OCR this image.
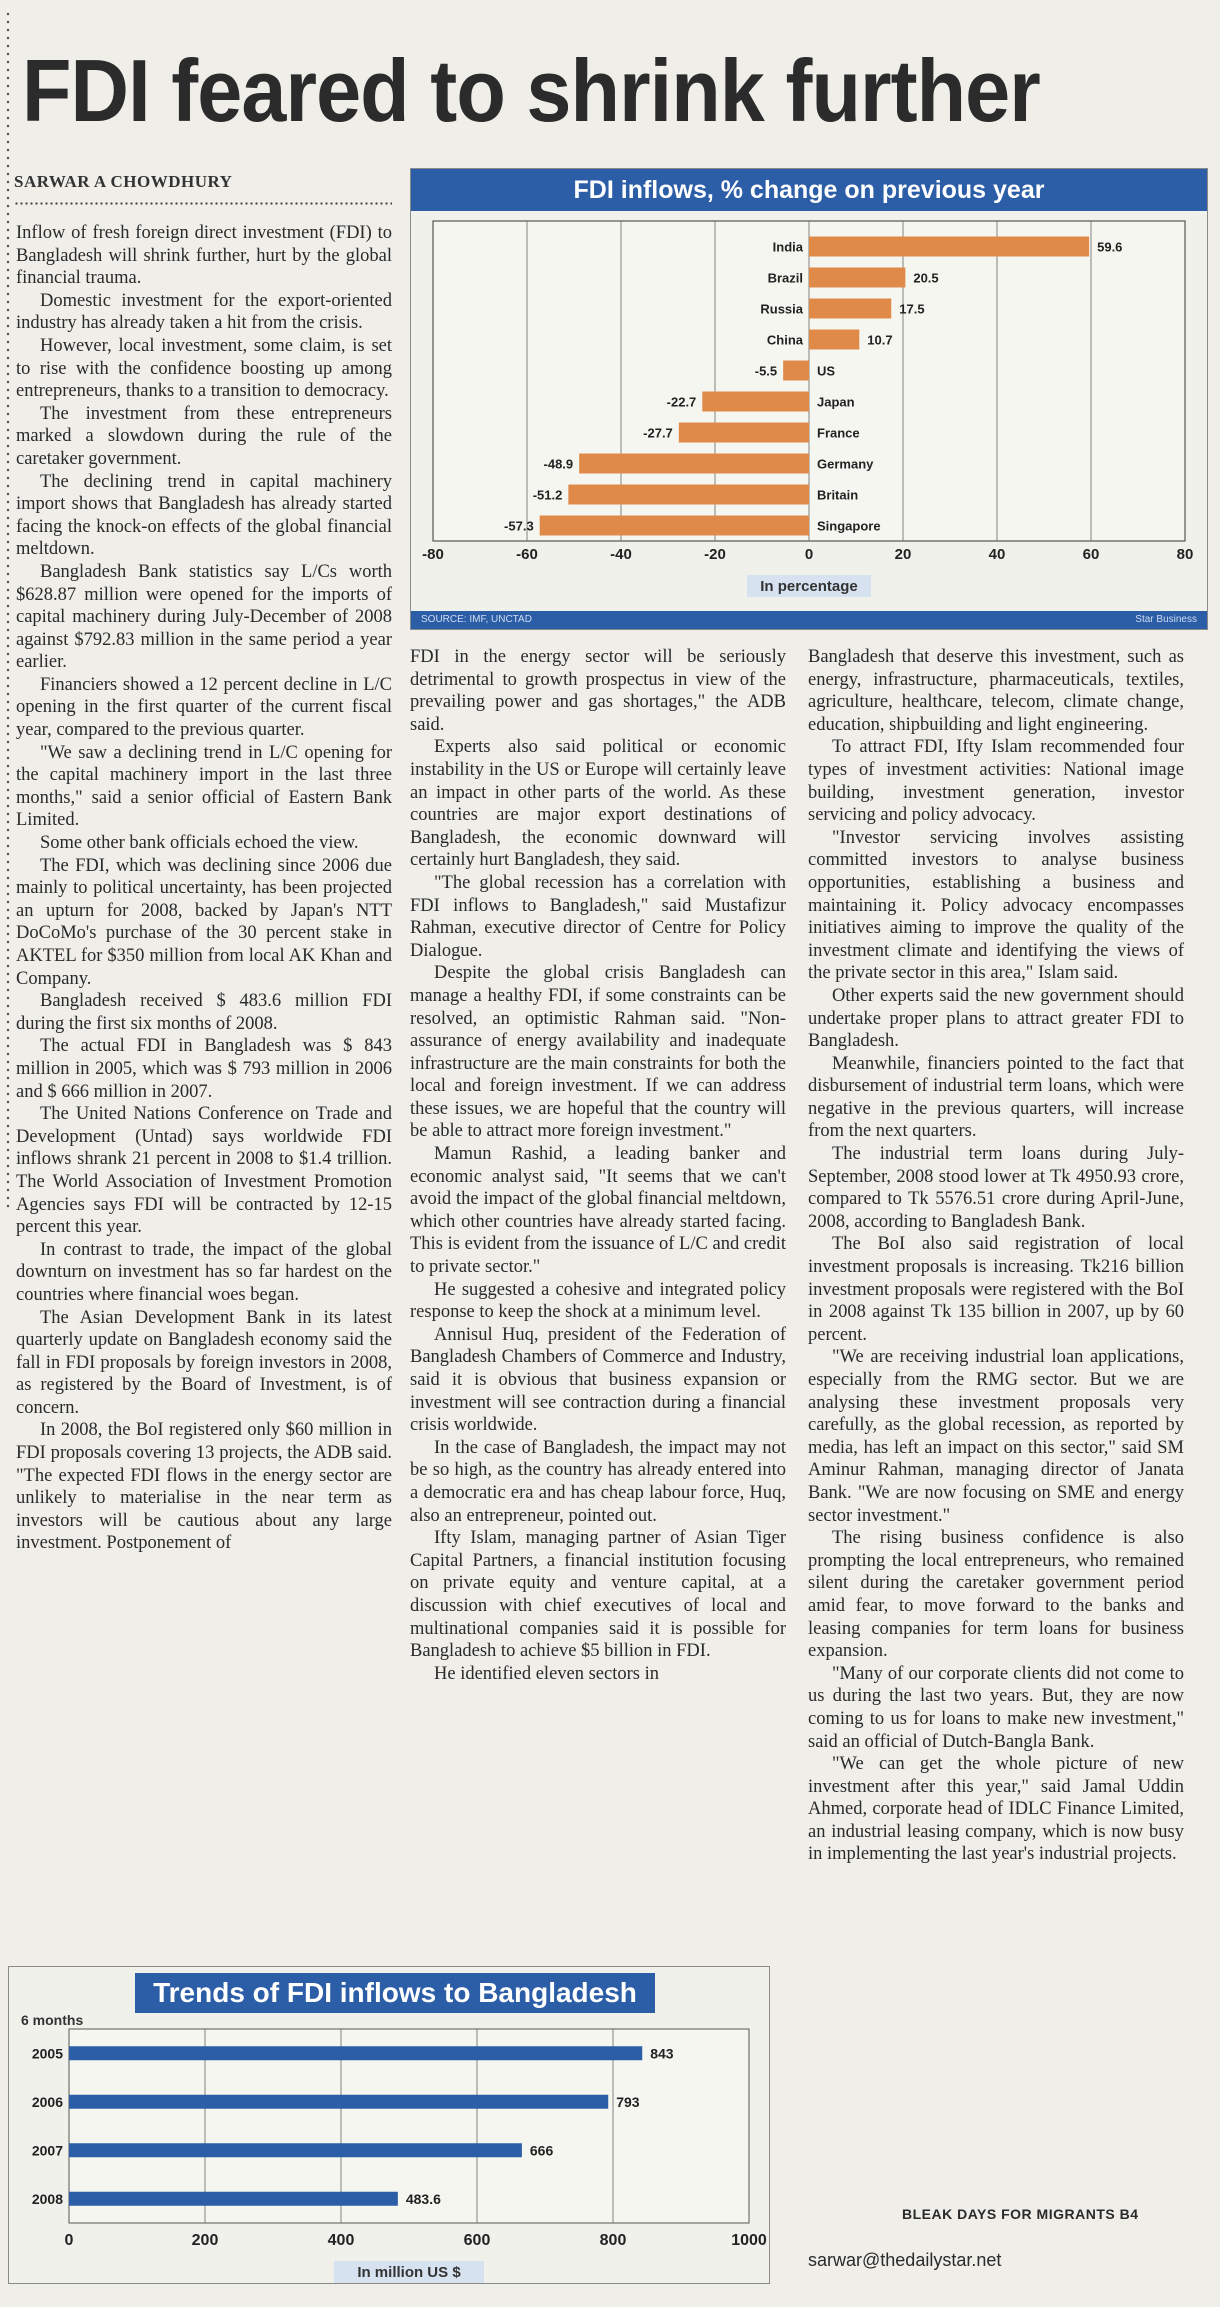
FDI feared to shrink further
SARWAR A CHOWDHURY

Inflow of fresh foreign direct investment (FDI) to Bangladesh will shrink further, hurt by the global financial trauma.

Domestic investment for the export-oriented industry has already taken a hit from the crisis.

However, local investment, some claim, is set to rise with the confidence boosting up among entrepreneurs, thanks to a transition to democracy.

The investment from these entrepreneurs marked a slowdown during the rule of the caretaker government.

The declining trend in capital machinery import shows that Bangladesh has already started facing the knock-on effects of the global financial meltdown.

Bangladesh Bank statistics say L/Cs worth $628.87 million were opened for the imports of capital machinery during July-December of 2008 against $792.83 million in the same period a year earlier.

Financiers showed a 12 percent decline in L/C opening in the first quarter of the current fiscal year, compared to the previous quarter.

"We saw a declining trend in L/C opening for the capital machinery import in the last three months," said a senior official of Eastern Bank Limited.

Some other bank officials echoed the view.

The FDI, which was declining since 2006 due mainly to political uncertainty, has been projected an upturn for 2008, backed by Japan's NTT DoCoMo's purchase of the 30 percent stake in AKTEL for $350 million from local AK Khan and Company.

Bangladesh received $ 483.6 million FDI during the first six months of 2008.

The actual FDI in Bangladesh was $ 843 million in 2005, which was $ 793 million in 2006 and $ 666 million in 2007.

The United Nations Conference on Trade and Development (Untad) says worldwide FDI inflows shrank 21 percent in 2008 to $1.4 trillion. The World Association of Investment Promotion Agencies says FDI will be contracted by 12-15 percent this year.

In contrast to trade, the impact of the global downturn on investment has so far hardest on the countries where financial woes began.

The Asian Development Bank in its latest quarterly update on Bangladesh economy said the fall in FDI proposals by foreign investors in 2008, as registered by the Board of Investment, is of concern.

In 2008, the BoI registered only $60 million in FDI proposals covering 13 projects, the ADB said. "The expected FDI flows in the energy sector are unlikely to materialise in the near term as investors will be cautious about any large investment. Postponement of

FDI in the energy sector will be seriously detrimental to growth prospectus in view of the prevailing power and gas shortages," the ADB said.

Experts also said political or economic instability in the US or Europe will certainly leave an impact in other parts of the world. As these countries are major export destinations of Bangladesh, the economic downward will certainly hurt Bangladesh, they said.

"The global recession has a correlation with FDI inflows to Bangladesh," said Mustafizur Rahman, executive director of Centre for Policy Dialogue.

Despite the global crisis Bangladesh can manage a healthy FDI, if some constraints can be resolved, an optimistic Rahman said. "Non-assurance of energy availability and inadequate infrastructure are the main constraints for both the local and foreign investment. If we can address these issues, we are hopeful that the country will be able to attract more foreign investment."

Mamun Rashid, a leading banker and economic analyst said, "It seems that we can't avoid the impact of the global financial meltdown, which other countries have already started facing. This is evident from the issuance of L/C and credit to private sector."

He suggested a cohesive and integrated policy response to keep the shock at a minimum level.

Annisul Huq, president of the Federation of Bangladesh Chambers of Commerce and Industry, said it is obvious that business expansion or investment will see contraction during a financial crisis worldwide.

In the case of Bangladesh, the impact may not be so high, as the country has already entered into a democratic era and has cheap labour force, Huq, also an entrepreneur, pointed out.

Ifty Islam, managing partner of Asian Tiger Capital Partners, a financial institution focusing on private equity and venture capital, at a discussion with chief executives of local and multinational companies said it is possible for Bangladesh to achieve $5 billion in FDI.

He identified eleven sectors in

Bangladesh that deserve this investment, such as energy, infrastructure, pharmaceuticals, textiles, agriculture, healthcare, telecom, climate change, education, shipbuilding and light engineering.

To attract FDI, Ifty Islam recommended four types of investment activities: National image building, investment generation, investor servicing and policy advocacy.

"Investor servicing involves assisting committed investors to analyse business opportunities, establishing a business and maintaining it. Policy advocacy encompasses initiatives aiming to improve the quality of the investment climate and identifying the views of the private sector in this area," Islam said.

Other experts said the new government should undertake proper plans to attract greater FDI to Bangladesh.

Meanwhile, financiers pointed to the fact that disbursement of industrial term loans, which were negative in the previous quarters, will increase from the next quarters.

The industrial term loans during July-September, 2008 stood lower at Tk 4950.93 crore, compared to Tk 5576.51 crore during April-June, 2008, according to Bangladesh Bank.

The BoI also said registration of local investment proposals is increasing. Tk216 billion investment proposals were registered with the BoI in 2008 against Tk 135 billion in 2007, up by 60 percent.

"We are receiving industrial loan applications, especially from the RMG sector. But we are analysing these investment proposals very carefully, as the global recession, as reported by media, has left an impact on this sector," said SM Aminur Rahman, managing director of Janata Bank. "We are now focusing on SME and energy sector investment."

The rising business confidence is also prompting the local entrepreneurs, who remained silent during the caretaker government period amid fear, to move forward to the banks and leasing companies for term loans for business expansion.

"Many of our corporate clients did not come to us during the last two years. But, they are now coming to us for loans to make new investment," said an official of Dutch-Bangla Bank.

"We can get the whole picture of new investment after this year," said Jamal Uddin Ahmed, corporate head of IDLC Finance Limited, an industrial leasing company, which is now busy in implementing the last year's industrial projects.

BLEAK DAYS FOR MIGRANTS B4
sarwar@thedailystar.net
FDI inflows, % change on previous year
-80	-60	-40	-20	0	20	40	60	80
India	59.6
Brazil	20.5
Russia	17.5
China	10.7
US
-5.5
Japan
-22.7
France
-27.7
Germany
-48.9
Britain
-51.2
Singapore
-57.3
In percentage
SOURCE: IMF, UNCTAD	Star Business
Trends of FDI inflows to Bangladesh
6 months
0	200	400	600	800	1000
2005	843
2006	793
2007	666
2008	483.6
In million US $
